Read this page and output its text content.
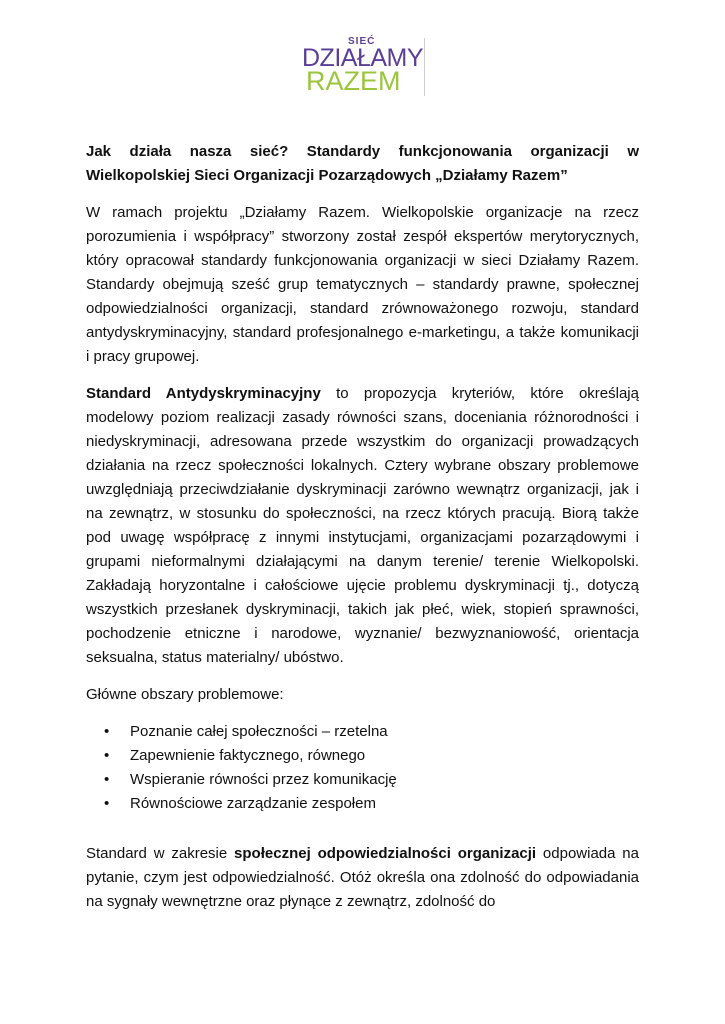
SIEĆ
DZIAŁAMY
RAZEM

Jak działa nasza sieć? Standardy funkcjonowania organizacji w Wielkopolskiej Sieci Organizacji Pozarządowych „Działamy Razem”

W ramach projektu „Działamy Razem. Wielkopolskie organizacje na rzecz porozumienia i współpracy” stworzony został zespół ekspertów merytorycznych, który opracował standardy funkcjonowania organizacji w sieci Działamy Razem. Standardy obejmują sześć grup tematycznych – standardy prawne, społecznej odpowiedzialności organizacji, standard zrównoważonego rozwoju, standard antydyskryminacyjny, standard profesjonalnego e-marketingu, a także komunikacji i pracy grupowej.

Standard Antydyskryminacyjny to propozycja kryteriów, które określają modelowy poziom realizacji zasady równości szans, doceniania różnorodności i niedyskryminacji, adresowana przede wszystkim do organizacji prowadzących działania na rzecz społeczności lokalnych. Cztery wybrane obszary problemowe uwzględniają przeciwdziałanie dyskryminacji zarówno wewnątrz organizacji, jak i na zewnątrz, w stosunku do społeczności, na rzecz których pracują. Biorą także pod uwagę współpracę z innymi instytucjami, organizacjami pozarządowymi i grupami nieformalnymi działającymi na danym terenie/ terenie Wielkopolski. Zakładają horyzontalne i całościowe ujęcie problemu dyskryminacji tj., dotyczą wszystkich przesłanek dyskryminacji, takich jak płeć, wiek, stopień sprawności, pochodzenie etniczne i narodowe, wyznanie/ bezwyznaniowość, orientacja seksualna, status materialny/ ubóstwo.

Główne obszary problemowe:

• Poznanie całej społeczności – rzetelna
• Zapewnienie faktycznego, równego
• Wspieranie równości przez komunikację
• Równościowe zarządzanie zespołem

Standard w zakresie społecznej odpowiedzialności organizacji odpowiada na pytanie, czym jest odpowiedzialność. Otóż określa ona zdolność do odpowiadania na sygnały wewnętrzne oraz płynące z zewnątrz, zdolność do
